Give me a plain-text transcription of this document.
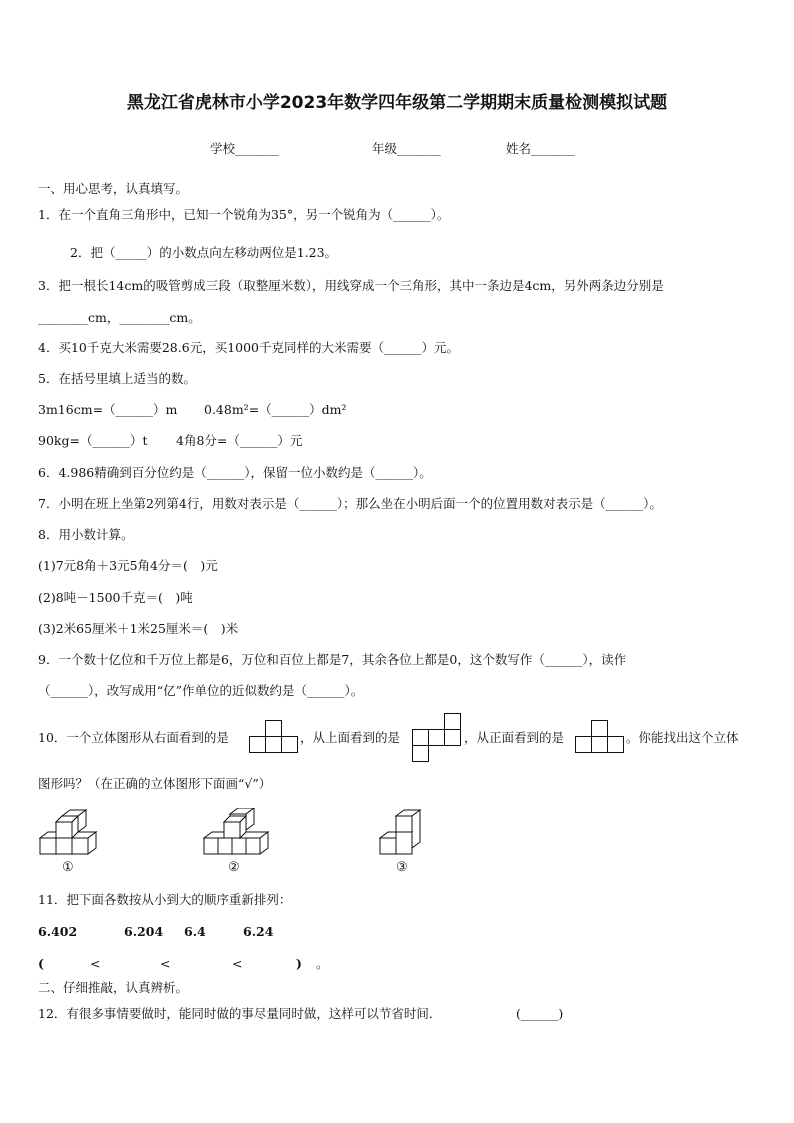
黑龙江省虎林市小学2023年数学四年级第二学期期末质量检测模拟试题
学校_______	年级_______	姓名_______
一、用心思考，认真填写。
1．在一个直角三角形中，已知一个锐角为35°，另一个锐角为（______）。
2．把（_____）的小数点向左移动两位是1.23。
3．把一根长14cm的吸管剪成三段（取整厘米数），用线穿成一个三角形，其中一条边是4cm，另外两条边分别是
________cm，________cm。
4．买10千克大米需要28.6元，买1000千克同样的大米需要（______）元。
5．在括号里填上适当的数。
3m16cm=（______）m 0.48m²=（______）dm²
90kg=（______）t 4角8分=（______）元
6．4.986精确到百分位约是（______），保留一位小数约是（______）。
7．小明在班上坐第2列第4行，用数对表示是（______）；那么坐在小明后面一个的位置用数对表示是（______）。
8．用小数计算。
(1)7元8角＋3元5角4分＝(　)元
(2)8吨－1500千克＝(　)吨
(3)2米65厘米＋1米25厘米＝(　)米
9．一个数十亿位和千万位上都是6，万位和百位上都是7，其余各位上都是0，这个数写作（______），读作
（______），改写成用“亿”作单位的近似数约是（______）。
10．一个立体图形从右面看到的是	，从上面看到的是	，从正面看到的是	。你能找出这个立体
图形吗？（在正确的立体图形下面画“√”）
①	②	③
11．把下面各数按从小到大的顺序重新排列：
6.402	6.204 6.4	6.24
(	<	<	<	) 。
二、仔细推敲，认真辨析。
12．有很多事情要做时，能同时做的事尽量同时做，这样可以节省时间．	(______)
